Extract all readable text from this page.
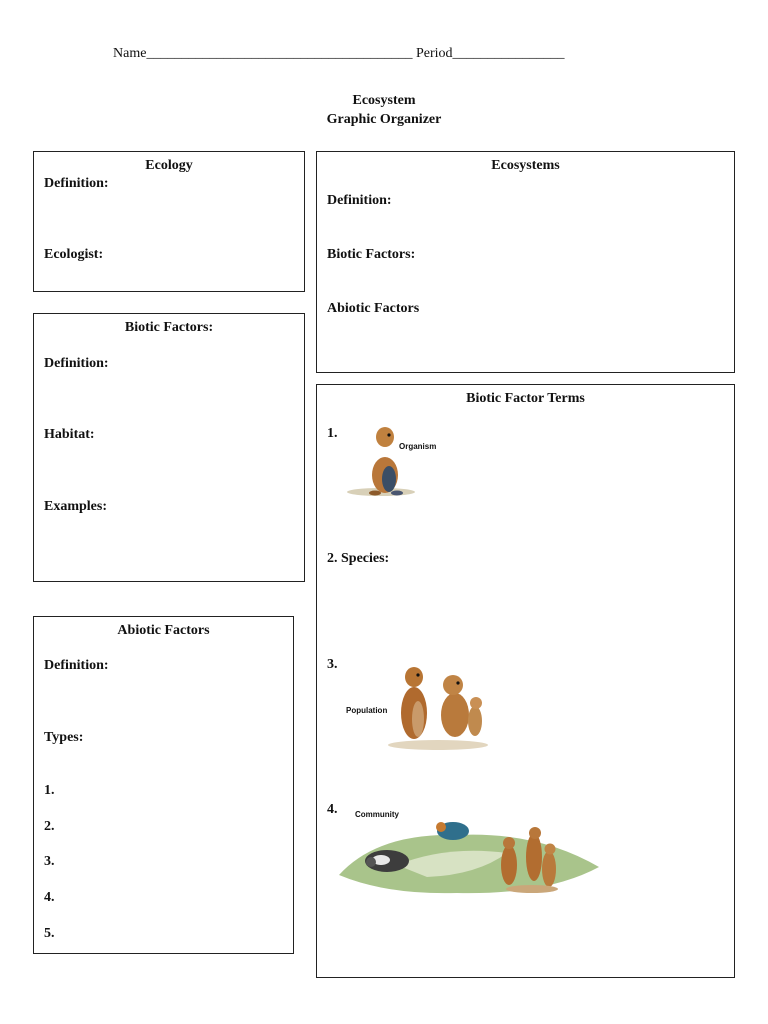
Name______________________________________ Period________________
Ecosystem
Graphic Organizer
Ecology
Definition:
Ecologist:
Biotic Factors:
Definition:
Habitat:
Examples:
Abiotic Factors
Definition:
Types:
1.
2.
3.
4.
5.
Ecosystems
Definition:
Biotic Factors:
Abiotic Factors
Biotic Factor Terms
1.
Organism
2. Species:
3.
Population
4. Community
